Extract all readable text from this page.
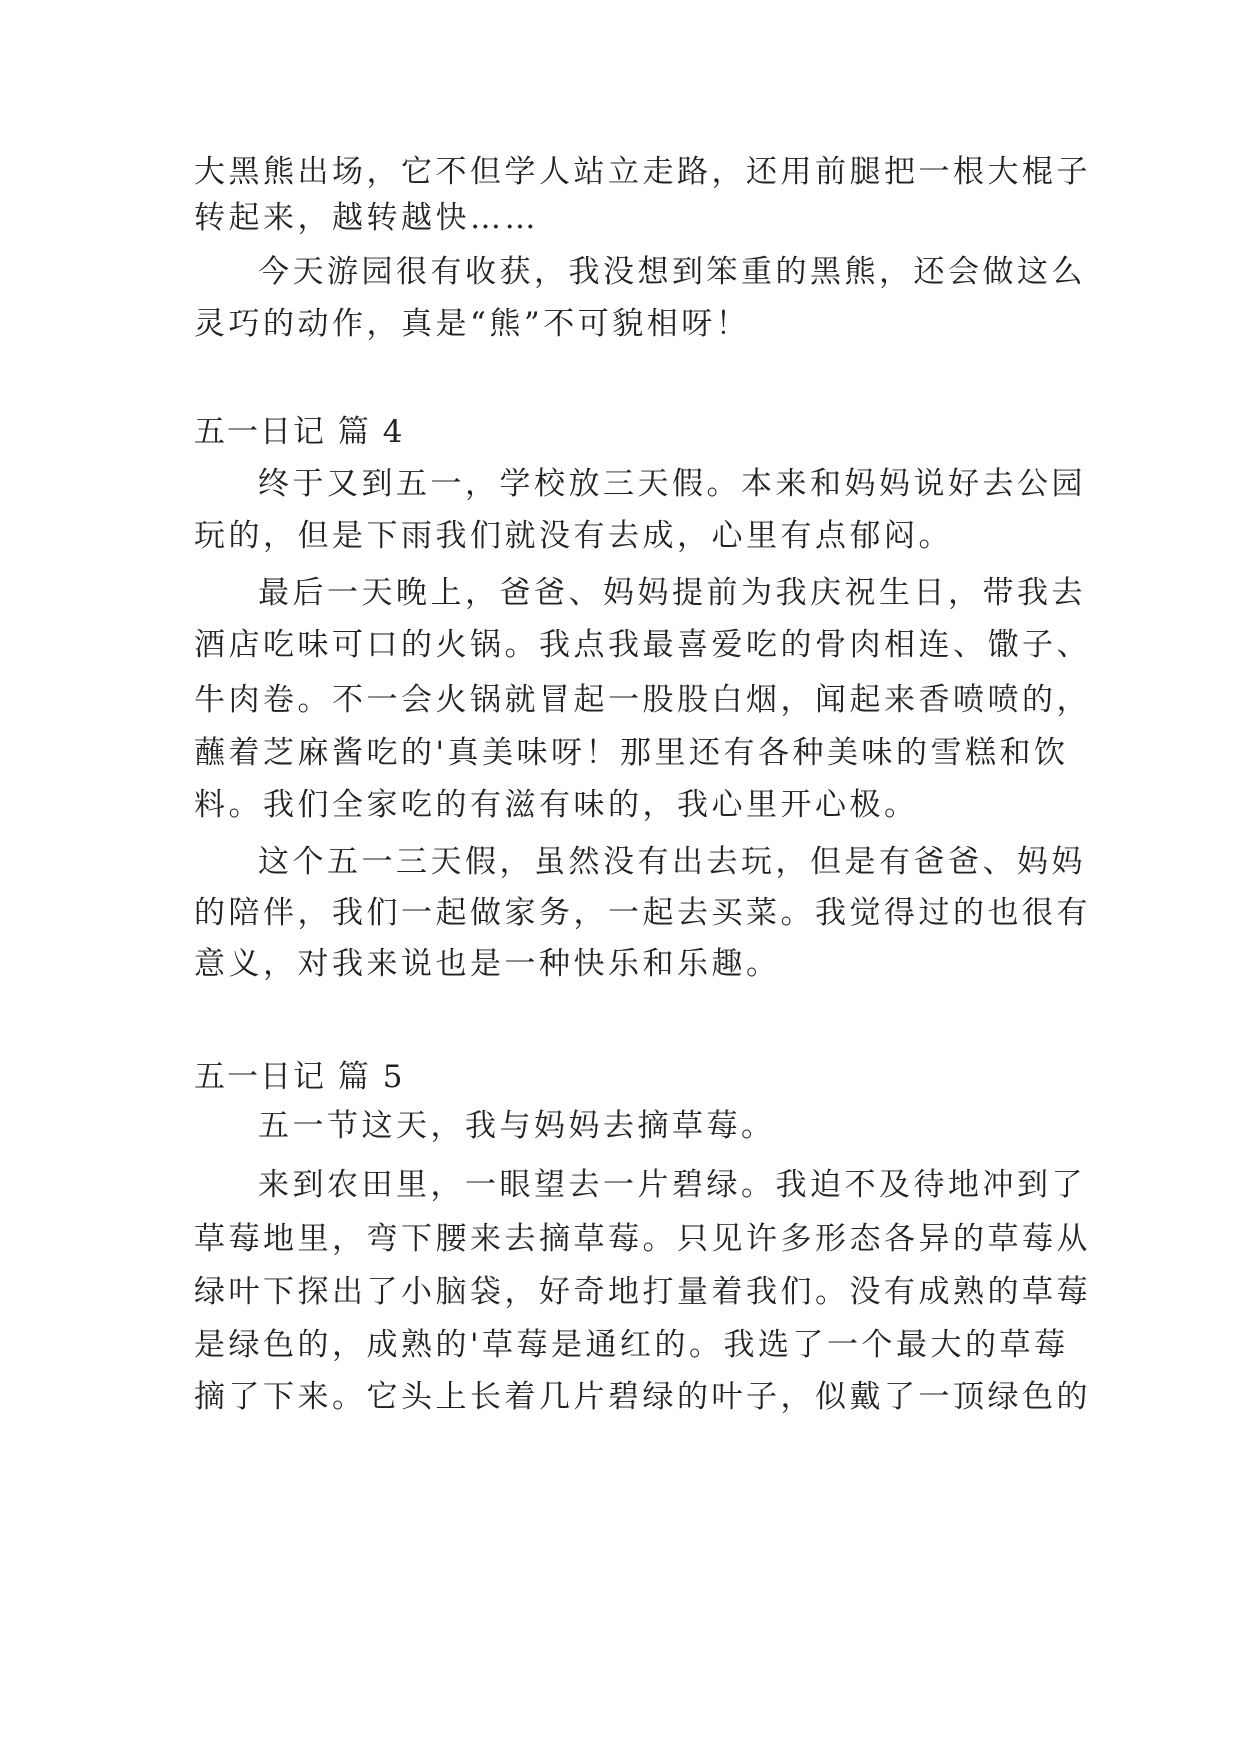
大黑熊出场，它不但学人站立走路，还用前腿把一根大棍子
转起来，越转越快……
今天游园很有收获，我没想到笨重的黑熊，还会做这么
灵巧的动作，真是“熊”不可貌相呀！
五一日记 篇 4
终于又到五一，学校放三天假。本来和妈妈说好去公园
玩的，但是下雨我们就没有去成，心里有点郁闷。
最后一天晚上，爸爸、妈妈提前为我庆祝生日，带我去
酒店吃味可口的火锅。我点我最喜爱吃的骨肉相连、馓子、
牛肉卷。不一会火锅就冒起一股股白烟，闻起来香喷喷的，
蘸着芝麻酱吃的'真美味呀！那里还有各种美味的雪糕和饮
料。我们全家吃的有滋有味的，我心里开心极。
这个五一三天假，虽然没有出去玩，但是有爸爸、妈妈
的陪伴，我们一起做家务，一起去买菜。我觉得过的也很有
意义，对我来说也是一种快乐和乐趣。
五一日记 篇 5
五一节这天，我与妈妈去摘草莓。
来到农田里，一眼望去一片碧绿。我迫不及待地冲到了
草莓地里，弯下腰来去摘草莓。只见许多形态各异的草莓从
绿叶下探出了小脑袋，好奇地打量着我们。没有成熟的草莓
是绿色的，成熟的'草莓是通红的。我选了一个最大的草莓
摘了下来。它头上长着几片碧绿的叶子，似戴了一顶绿色的
